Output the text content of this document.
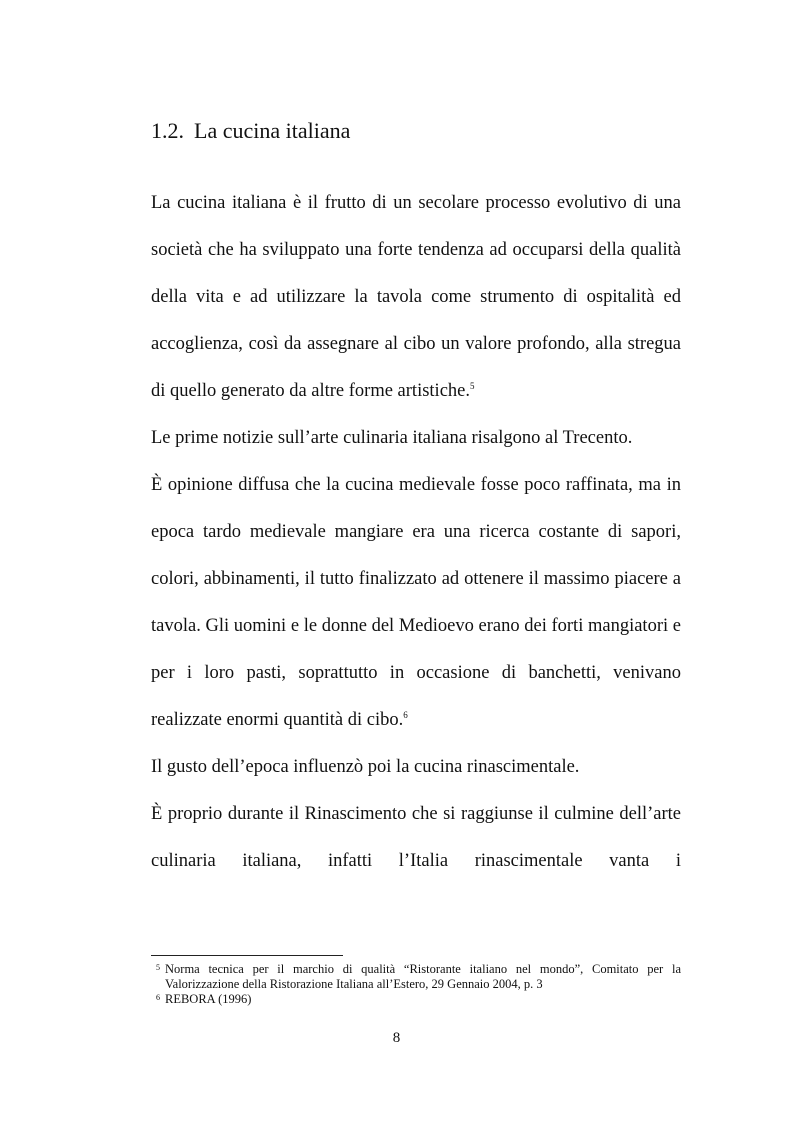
1.2. La cucina italiana

La cucina italiana è il frutto di un secolare processo evolutivo di una società che ha sviluppato una forte tendenza ad occuparsi della qualità della vita e ad utilizzare la tavola come strumento di ospitalità ed accoglienza, così da assegnare al cibo un valore profondo, alla stregua di quello generato da altre forme artistiche.$^5$

Le prime notizie sull’arte culinaria italiana risalgono al Trecento.

È opinione diffusa che la cucina medievale fosse poco raffinata, ma in epoca tardo medievale mangiare era una ricerca costante di sapori, colori, abbinamenti, il tutto finalizzato ad ottenere il massimo piacere a tavola. Gli uomini e le donne del Medioevo erano dei forti mangiatori e per i loro pasti, soprattutto in occasione di banchetti, venivano realizzate enormi quantità di cibo.$^6$

Il gusto dell’epoca influenzò poi la cucina rinascimentale.

È proprio durante il Rinascimento che si raggiunse il culmine dell’arte culinaria italiana, infatti l’Italia rinascimentale vanta i

5 Norma tecnica per il marchio di qualità “Ristorante italiano nel mondo”, Comitato per la Valorizzazione della Ristorazione Italiana all’Estero, 29 Gennaio 2004, p. 3
6 REBORA (1996)
8
